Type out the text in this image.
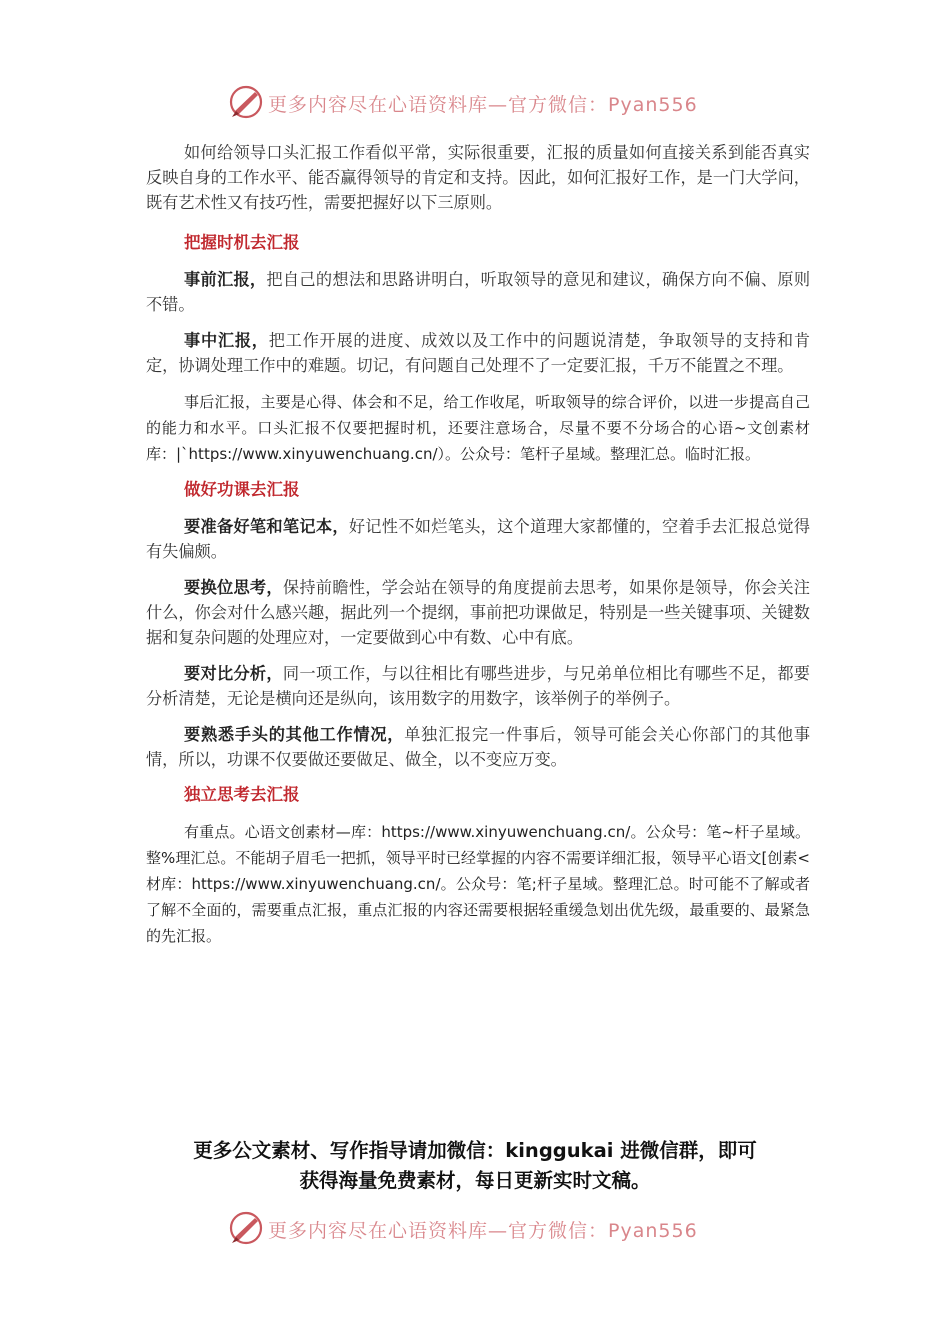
更多内容尽在心语资料库—官方微信：Pyan556

如何给领导口头汇报工作看似平常，实际很重要，汇报的质量如何直接关系到能否真实反映自身的工作水平、能否赢得领导的肯定和支持。因此，如何汇报好工作，是一门大学问，既有艺术性又有技巧性，需要把握好以下三原则。

把握时机去汇报

事前汇报，把自己的想法和思路讲明白，听取领导的意见和建议，确保方向不偏、原则不错。

事中汇报，把工作开展的进度、成效以及工作中的问题说清楚，争取领导的支持和肯定，协调处理工作中的难题。切记，有问题自己处理不了一定要汇报，千万不能置之不理。

事后汇报，主要是心得、体会和不足，给工作收尾，听取领导的综合评价，以进一步提高自己的能力和水平。口头汇报不仅要把握时机，还要注意场合，尽量不要不分场合的心语~文创素材库：|`https://www.xinyuwenchuang.cn/）。公众号：笔杆子星域。整理汇总。临时汇报。

做好功课去汇报

要准备好笔和笔记本，好记性不如烂笔头，这个道理大家都懂的，空着手去汇报总觉得有失偏颇。

要换位思考，保持前瞻性，学会站在领导的角度提前去思考，如果你是领导，你会关注什么，你会对什么感兴趣，据此列一个提纲，事前把功课做足，特别是一些关键事项、关键数据和复杂问题的处理应对，一定要做到心中有数、心中有底。

要对比分析，同一项工作，与以往相比有哪些进步，与兄弟单位相比有哪些不足，都要分析清楚，无论是横向还是纵向，该用数字的用数字，该举例子的举例子。

要熟悉手头的其他工作情况，单独汇报完一件事后，领导可能会关心你部门的其他事情，所以，功课不仅要做还要做足、做全，以不变应万变。

独立思考去汇报

有重点。心语文创素材—库：https://www.xinyuwenchuang.cn/。公众号：笔~杆子星域。整%理汇总。不能胡子眉毛一把抓，领导平时已经掌握的内容不需要详细汇报，领导平心语文[创素<材库：https://www.xinyuwenchuang.cn/。公众号：笔;杆子星域。整理汇总。时可能不了解或者了解不全面的，需要重点汇报，重点汇报的内容还需要根据轻重缓急划出优先级，最重要的、最紧急的先汇报。

更多公文素材、写作指导请加微信：kinggukai 进微信群，即可
获得海量免费素材，每日更新实时文稿。
更多内容尽在心语资料库—官方微信：Pyan556
